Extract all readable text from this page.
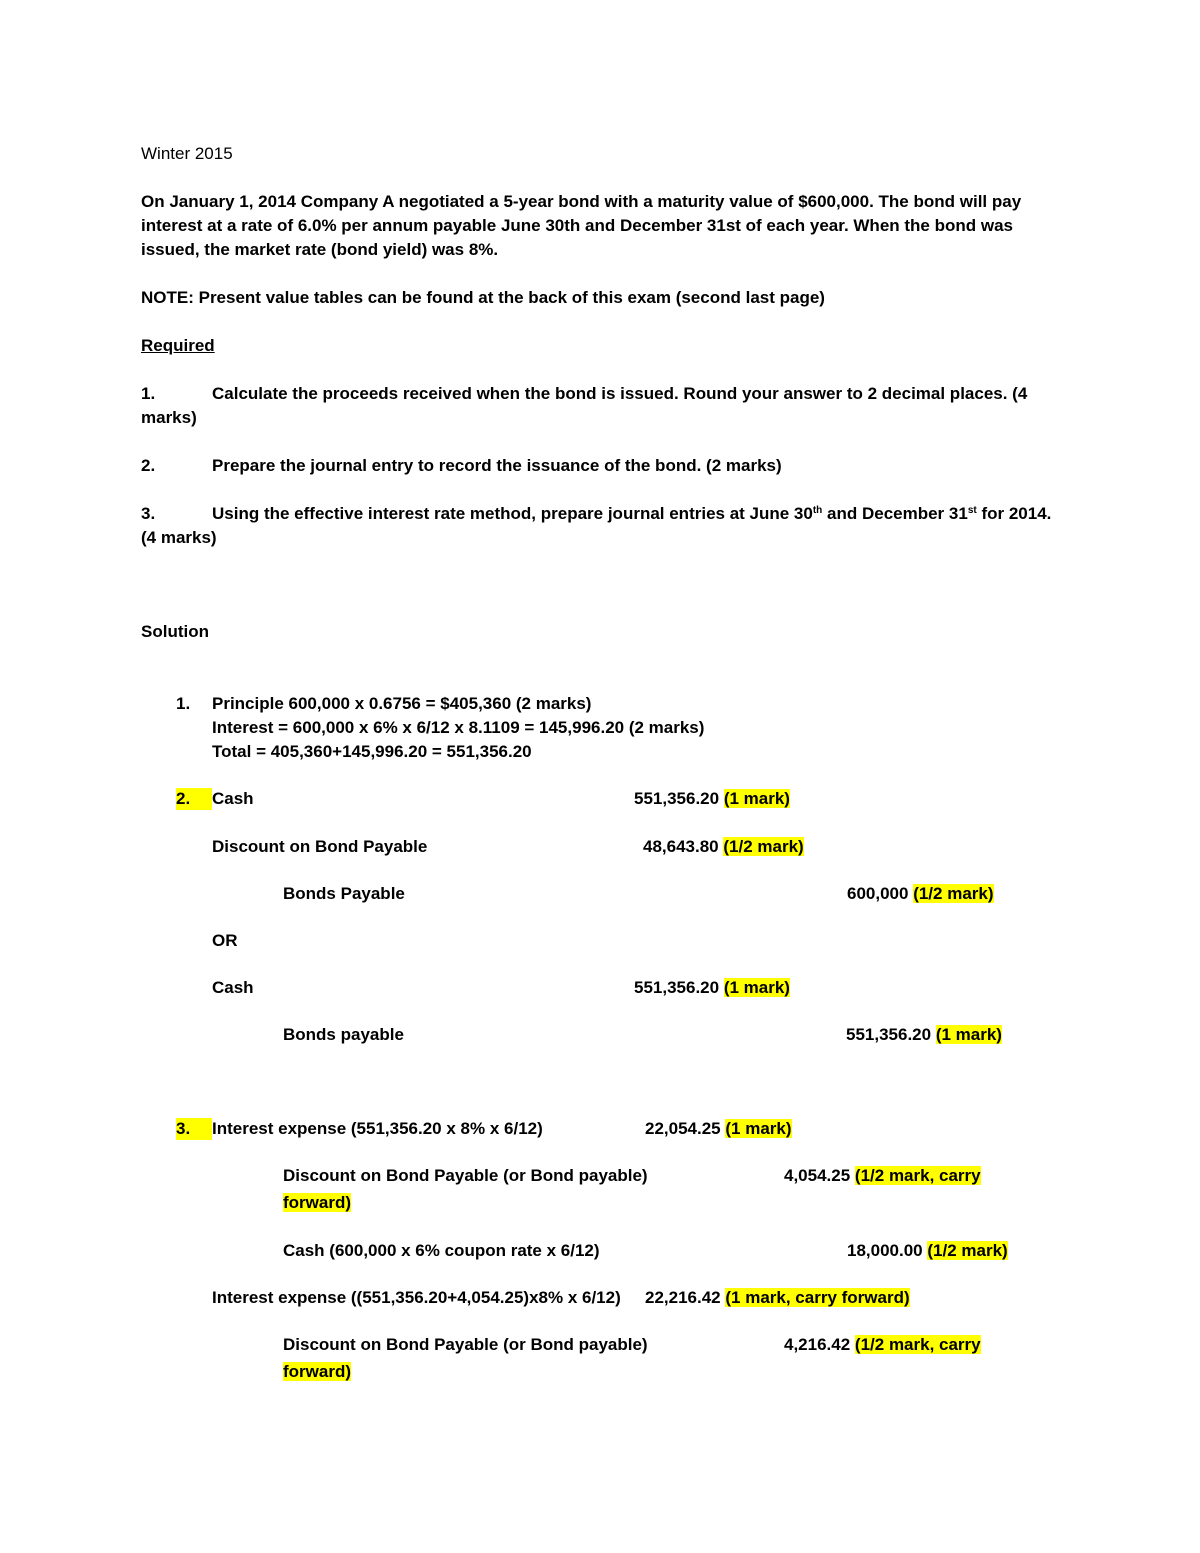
Winter 2015
On January 1, 2014 Company A negotiated a 5-year bond with a maturity value of $600,000. The bond will pay
interest at a rate of 6.0% per annum payable June 30th and December 31st of each year. When the bond was
issued, the market rate (bond yield) was 8%.
NOTE: Present value tables can be found at the back of this exam (second last page)
Required
1.	Calculate the proceeds received when the bond is issued. Round your answer to 2 decimal places. (4
marks)
2.	Prepare the journal entry to record the issuance of the bond. (2 marks)
3.	Using the effective interest rate method, prepare journal entries at June 30th and December 31st for 2014.
(4 marks)
Solution
1. Principle 600,000 x 0.6756 = $405,360 (2 marks)
Interest = 600,000 x 6% x 6/12 x 8.1109 = 145,996.20 (2 marks)
Total = 405,360+145,996.20 = 551,356.20
2.	Cash	551,356.20 (1 mark)
Discount on Bond Payable	48,643.80 (1/2 mark)
Bonds Payable	600,000 (1/2 mark)
OR
Cash	551,356.20 (1 mark)
Bonds payable	551,356.20 (1 mark)
3.	Interest expense (551,356.20 x 8% x 6/12)	22,054.25 (1 mark)
Discount on Bond Payable (or Bond payable)	4,054.25 (1/2 mark, carry
forward)
Cash (600,000 x 6% coupon rate x 6/12)	18,000.00 (1/2 mark)
Interest expense ((551,356.20+4,054.25)x8% x 6/12) 22,216.42 (1 mark, carry forward)
Discount on Bond Payable (or Bond payable)	4,216.42 (1/2 mark, carry
forward)
